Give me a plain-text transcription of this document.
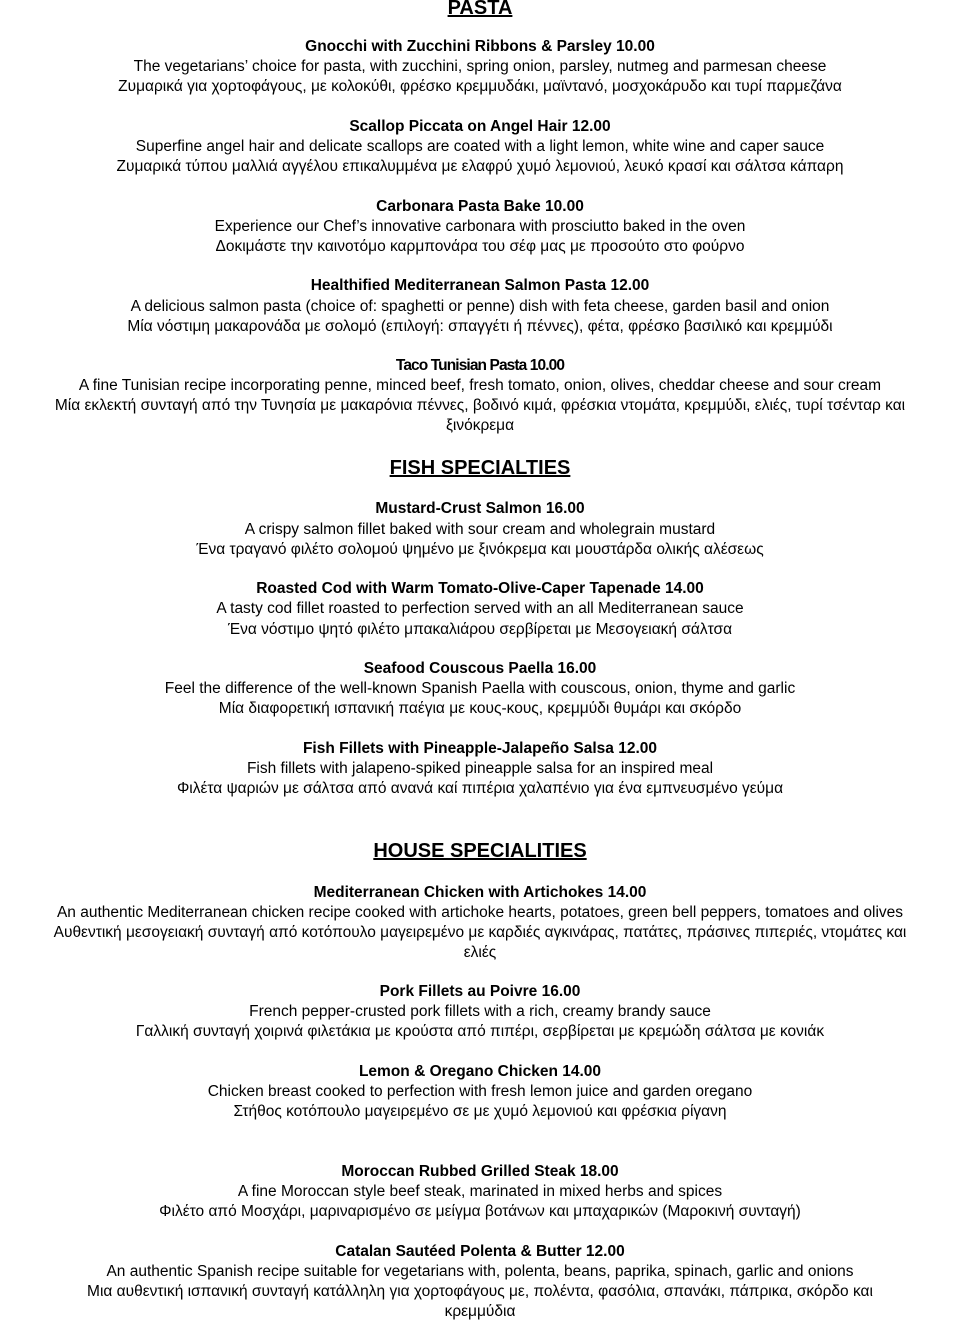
PASTA
Gnocchi with Zucchini Ribbons & Parsley 10.00
The vegetarians’ choice for pasta, with zucchini, spring onion, parsley, nutmeg and parmesan cheese
Ζυμαρικά για χορτοφάγους, με κολοκύθι, φρέσκο κρεμμυδάκι, μαϊντανό, μοσχοκάρυδο και τυρί παρμεζάνα
Scallop Piccata on Angel Hair 12.00
Superfine angel hair and delicate scallops are coated with a light lemon, white wine and caper sauce
Ζυμαρικά τύπου μαλλιά αγγέλου επικαλυμμένα με ελαφρύ χυμό λεμονιού, λευκό κρασί και σάλτσα κάπαρη
Carbonara Pasta Bake 10.00
Experience our Chef’s innovative carbonara with prosciutto baked in the oven
Δοκιμάστε την καινοτόμο καρμπονάρα του σέφ μας με προσούτο στο φούρνο
Healthified Mediterranean Salmon Pasta 12.00
A delicious salmon pasta (choice of: spaghetti or penne) dish with feta cheese, garden basil and onion
Μία νόστιμη μακαρονάδα με σολομό (επιλογή: σπαγγέτι ή πέννες), φέτα, φρέσκο βασιλικό και κρεμμύδι
Taco Tunisian Pasta 10.00
A fine Tunisian recipe incorporating penne, minced beef, fresh tomato, onion, olives, cheddar cheese and sour cream
Μία εκλεκτή συνταγή από την Τυνησία με μακαρόνια πέννες, βοδινό κιμά, φρέσκια ντομάτα, κρεμμύδι, ελιές, τυρί τσένταρ και
ξινόκρεμα
FISH SPECIALTIES
Mustard-Crust Salmon 16.00
A crispy salmon fillet baked with sour cream and wholegrain mustard
Ένα τραγανό φιλέτο σολομού ψημένο με ξινόκρεμα και μουστάρδα ολικής αλέσεως
Roasted Cod with Warm Tomato-Olive-Caper Tapenade 14.00
A tasty cod fillet roasted to perfection served with an all Mediterranean sauce
Ένα νόστιμο ψητό φιλέτο μπακαλιάρου σερβίρεται με Μεσογειακή σάλτσα
Seafood Couscous Paella 16.00
Feel the difference of the well-known Spanish Paella with couscous, onion, thyme and garlic
Μία διαφορετική ισπανική παέγια με κους-κους, κρεμμύδι θυμάρι και σκόρδο
Fish Fillets with Pineapple-Jalapeño Salsa 12.00
Fish fillets with jalapeno-spiked pineapple salsa for an inspired meal
Φιλέτα ψαριών με σάλτσα από ανανά καί πιπέρια χαλαπένιο για ένα εμπνευσμένο γεύμα
HOUSE SPECIALITIES
Mediterranean Chicken with Artichokes 14.00
An authentic Mediterranean chicken recipe cooked with artichoke hearts, potatoes, green bell peppers, tomatoes and olives
Αυθεντική μεσογειακή συνταγή από κοτόπουλο μαγειρεμένο με καρδιές αγκινάρας, πατάτες, πράσινες πιπεριές, ντομάτες και
ελιές
Pork Fillets au Poivre 16.00
French pepper-crusted pork fillets with a rich, creamy brandy sauce
Γαλλική συνταγή χοιρινά φιλετάκια με κρούστα από πιπέρι, σερβίρεται με κρεμώδη σάλτσα με κονιάκ
Lemon & Oregano Chicken 14.00
Chicken breast cooked to perfection with fresh lemon juice and garden oregano
Στήθος κοτόπουλο μαγειρεμένο σε με χυμό λεμονιού και φρέσκια ρίγανη
Moroccan Rubbed Grilled Steak 18.00
A fine Moroccan style beef steak, marinated in mixed herbs and spices
Φιλέτο από Μοσχάρι, μαριναρισμένο σε μείγμα βοτάνων και μπαχαρικών (Μαροκινή συνταγή)
Catalan Sautéed Polenta & Butter 12.00
An authentic Spanish recipe suitable for vegetarians with, polenta, beans, paprika, spinach, garlic and onions
Μια αυθεντική ισπανική συνταγή κατάλληλη για χορτοφάγους με, πολέντα, φασόλια, σπανάκι, πάπρικα, σκόρδο και
κρεμμύδια
